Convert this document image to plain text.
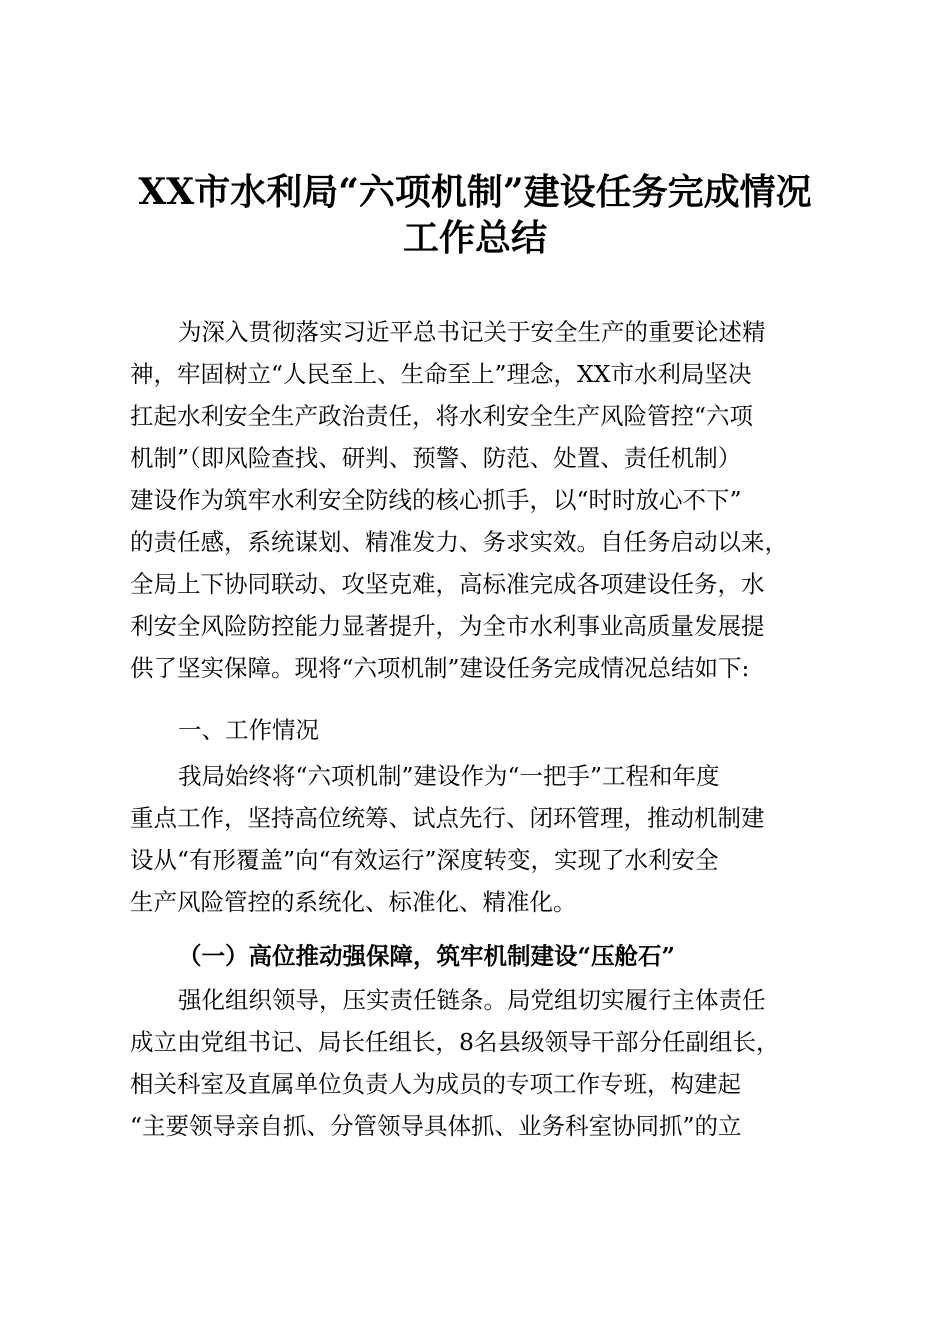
XX市水利局“六项机制”建设任务完成情况
工作总结

为深入贯彻落实习近平总书记关于安全生产的重要论述精

神，牢固树立“人民至上、生命至上”理念，XX市水利局坚决

扛起水利安全生产政治责任，将水利安全生产风险管控“六项

机制”（即风险查找、研判、预警、防范、处置、责任机制）

建设作为筑牢水利安全防线的核心抓手，以“时时放心不下”

的责任感，系统谋划、精准发力、务求实效。自任务启动以来，

全局上下协同联动、攻坚克难，高标准完成各项建设任务，水

利安全风险防控能力显著提升，为全市水利事业高质量发展提

供了坚实保障。现将“六项机制”建设任务完成情况总结如下:

一、工作情况

我局始终将“六项机制”建设作为“一把手”工程和年度

重点工作，坚持高位统筹、试点先行、闭环管理，推动机制建

设从“有形覆盖”向“有效运行”深度转变，实现了水利安全

生产风险管控的系统化、标准化、精准化。

（一）高位推动强保障，筑牢机制建设“压舱石”

强化组织领导，压实责任链条。局党组切实履行主体责任

成立由党组书记、局长任组长，8名县级领导干部分任副组长，

相关科室及直属单位负责人为成员的专项工作专班，构建起

“主要领导亲自抓、分管领导具体抓、业务科室协同抓”的立
